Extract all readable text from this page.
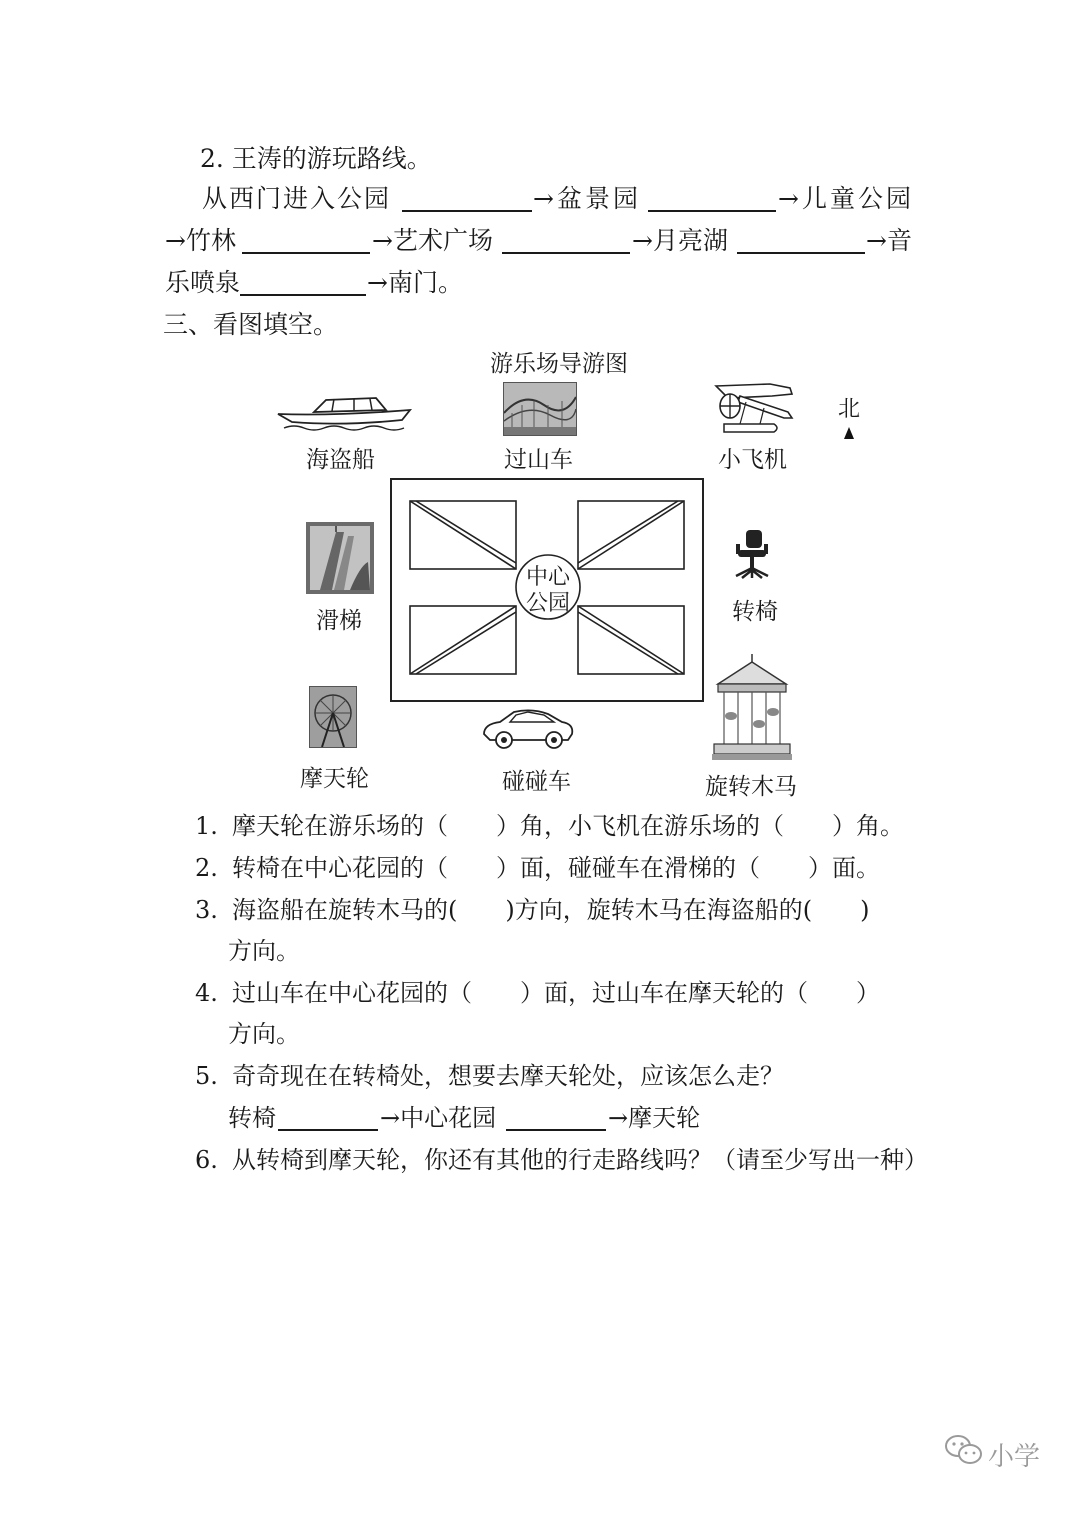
2. 王涛的游玩路线。
从西门进入公园	→盆景园	→儿童公园
→竹林	→艺术广场	→月亮湖	→音
乐喷泉	→南门。
三、看图填空。
游乐场导游图
北
海盗船	过山车	小飞机
滑梯
中心
公园	转椅
摩天轮	碰碰车	旋转木马
1. 摩天轮在游乐场的（　　）角，小飞机在游乐场的（　　）角。
2. 转椅在中心花园的（　　）面，碰碰车在滑梯的（　　）面。
3. 海盗船在旋转木马的(　　)方向，旋转木马在海盗船的(　　)
方向。
4. 过山车在中心花园的（　　）面，过山车在摩天轮的（　　）
方向。
5. 奇奇现在在转椅处，想要去摩天轮处，应该怎么走？
转椅	→中心花园	→摩天轮
6. 从转椅到摩天轮，你还有其他的行走路线吗？（请至少写出一种）
小学
